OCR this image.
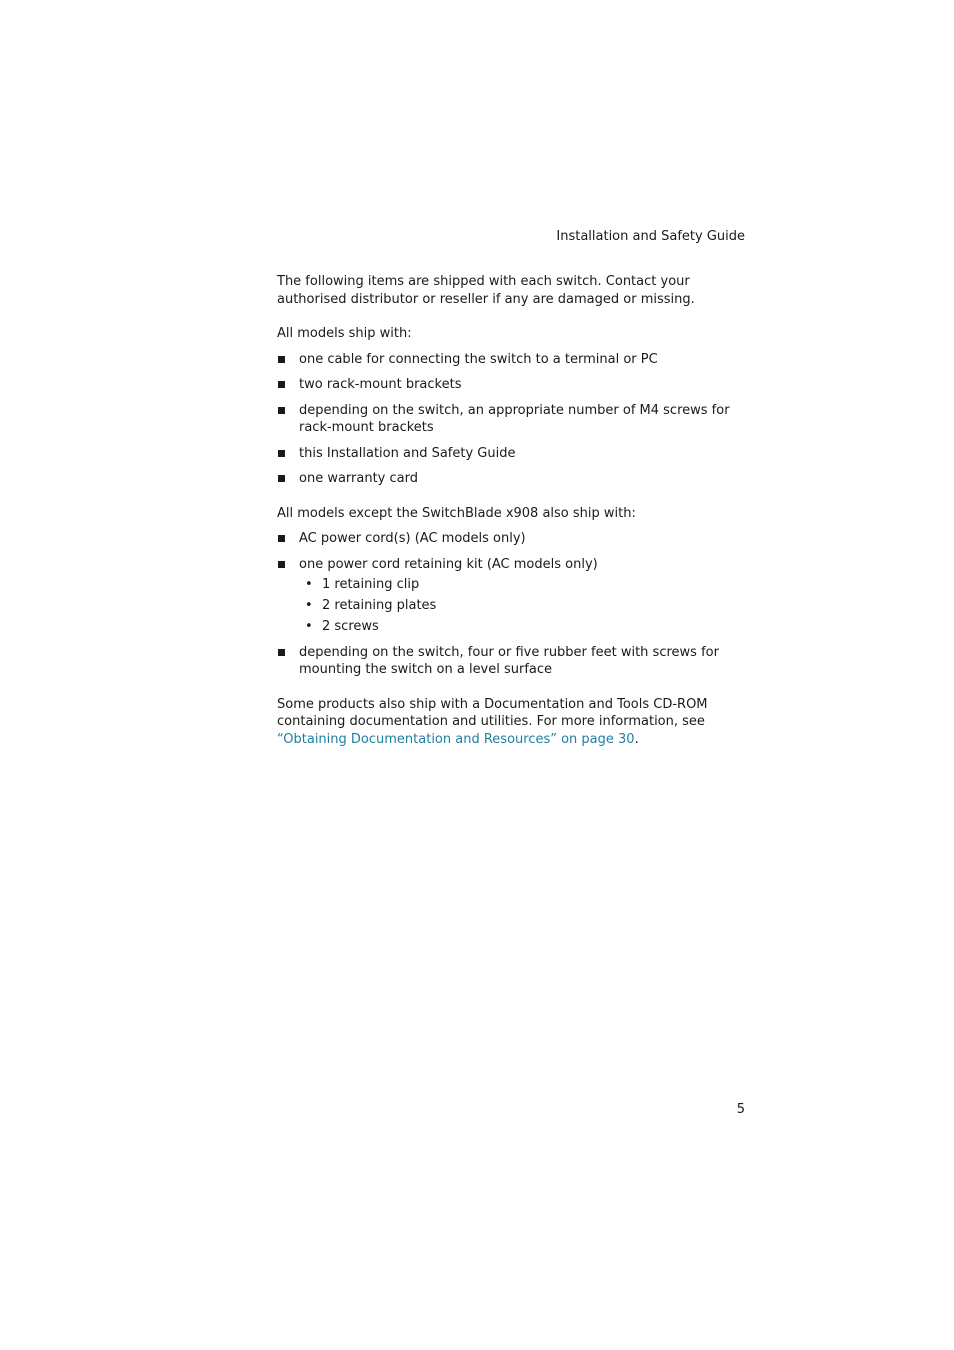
Installation and Safety Guide

The following items are shipped with each switch. Contact your authorised distributor or reseller if any are damaged or missing.

All models ship with:

one cable for connecting the switch to a terminal or PC
two rack-mount brackets
depending on the switch, an appropriate number of M4 screws for rack-mount brackets
this Installation and Safety Guide
one warranty card

All models except the SwitchBlade x908 also ship with:

AC power cord(s) (AC models only)
one power cord retaining kit (AC models only)
• 1 retaining clip
• 2 retaining plates
• 2 screws
depending on the switch, four or five rubber feet with screws for mounting the switch on a level surface

Some products also ship with a Documentation and Tools CD-ROM containing documentation and utilities. For more information, see “Obtaining Documentation and Resources” on page 30.

5
